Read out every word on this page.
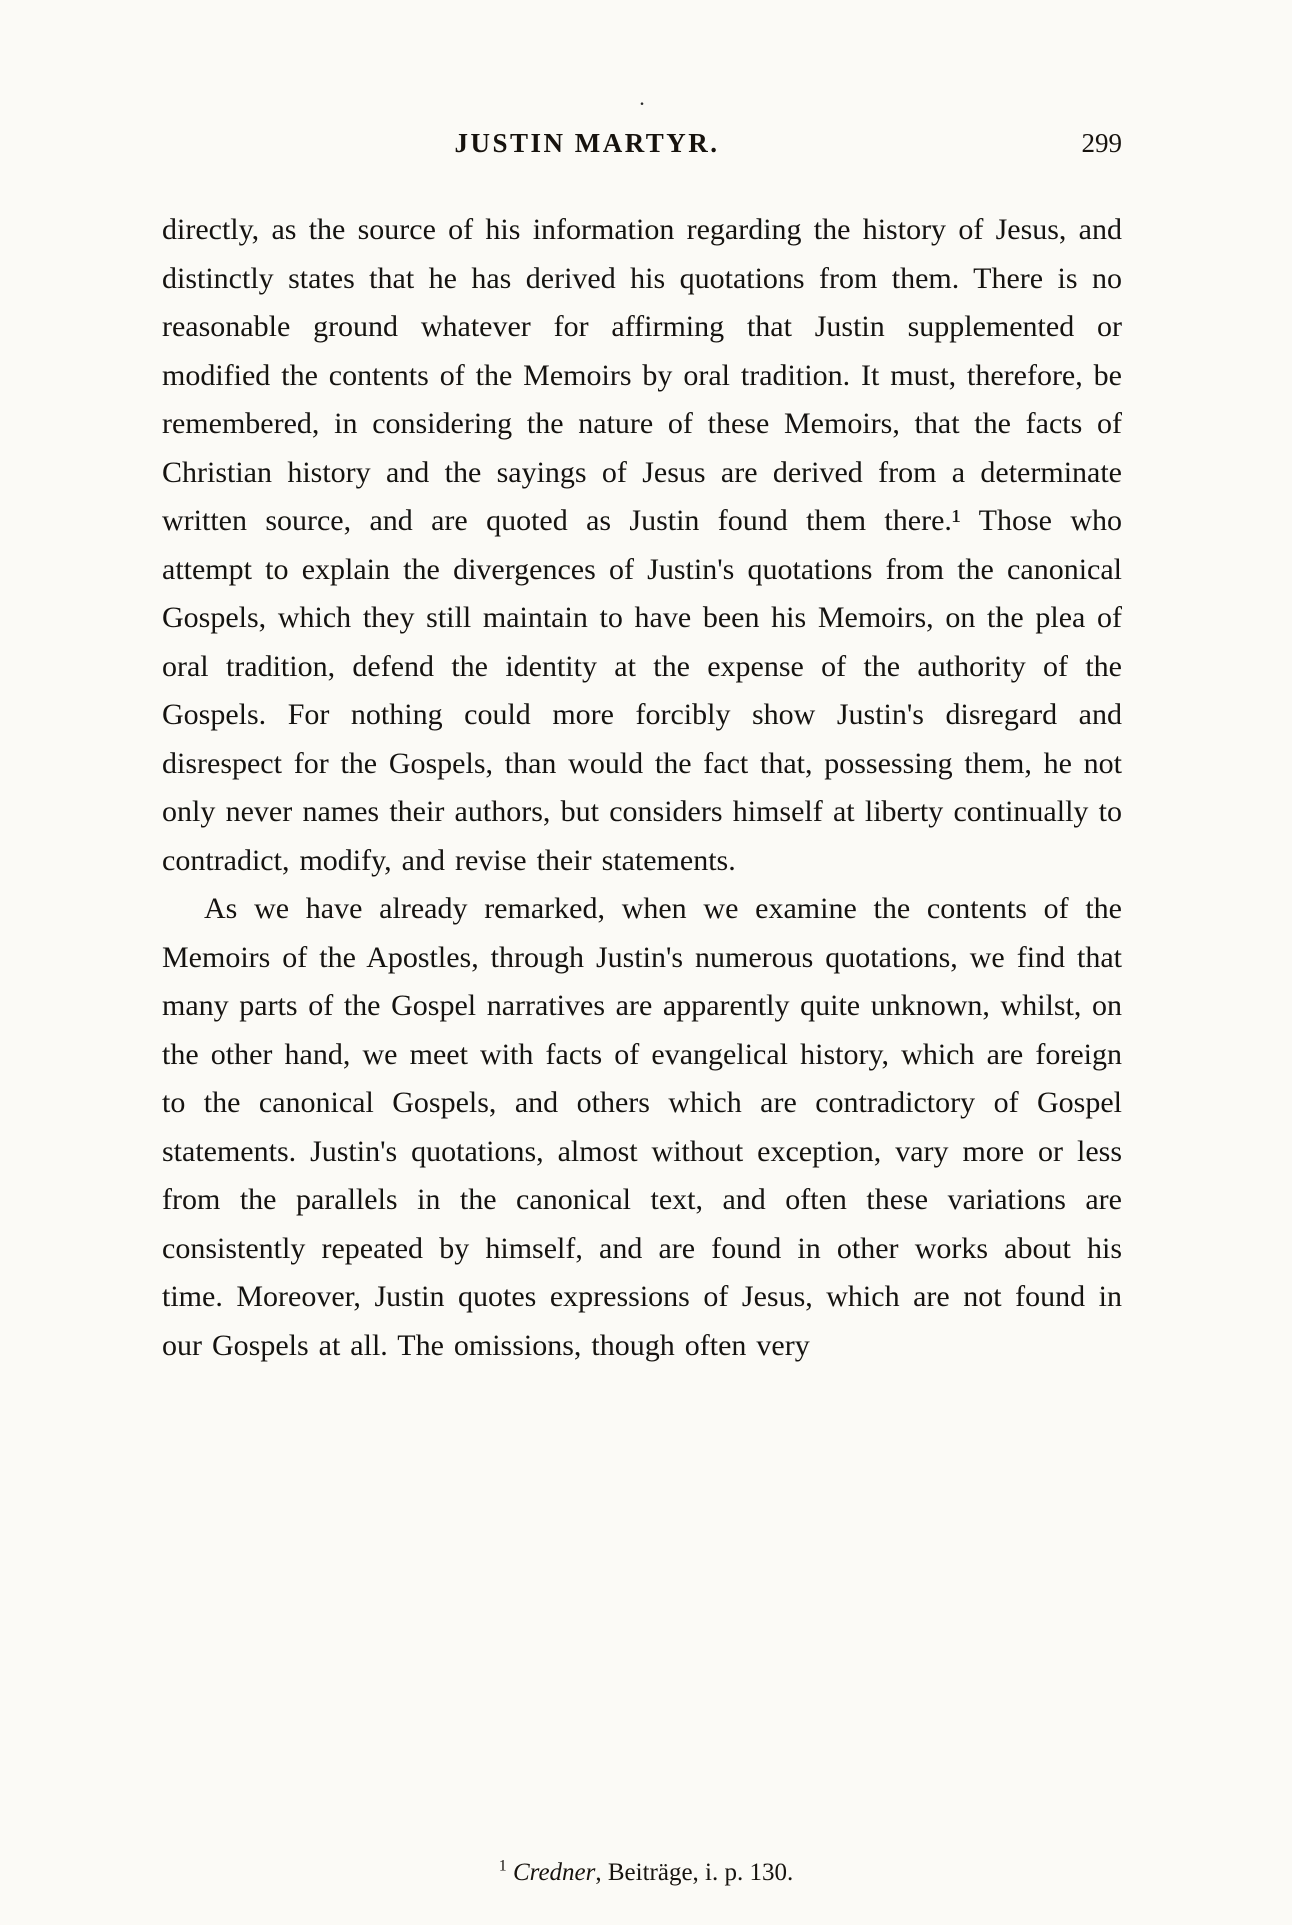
.
JUSTIN MARTYR.	299

directly, as the source of his information regarding the history of Jesus, and distinctly states that he has derived his quotations from them. There is no reasonable ground whatever for affirming that Justin supplemented or modified the contents of the Memoirs by oral tradition. It must, therefore, be remembered, in considering the nature of these Memoirs, that the facts of Christian history and the sayings of Jesus are derived from a determinate written source, and are quoted as Justin found them there.¹ Those who attempt to explain the divergences of Justin's quotations from the canonical Gospels, which they still maintain to have been his Memoirs, on the plea of oral tradition, defend the identity at the expense of the authority of the Gospels. For nothing could more forcibly show Justin's disregard and disrespect for the Gospels, than would the fact that, possessing them, he not only never names their authors, but considers himself at liberty continually to contradict, modify, and revise their statements.

As we have already remarked, when we examine the contents of the Memoirs of the Apostles, through Justin's numerous quotations, we find that many parts of the Gospel narratives are apparently quite unknown, whilst, on the other hand, we meet with facts of evangelical history, which are foreign to the canonical Gospels, and others which are contradictory of Gospel statements. Justin's quotations, almost without exception, vary more or less from the parallels in the canonical text, and often these variations are consistently repeated by himself, and are found in other works about his time. Moreover, Justin quotes expressions of Jesus, which are not found in our Gospels at all. The omissions, though often very

$^1$ Credner, Beiträge, i. p. 130.
